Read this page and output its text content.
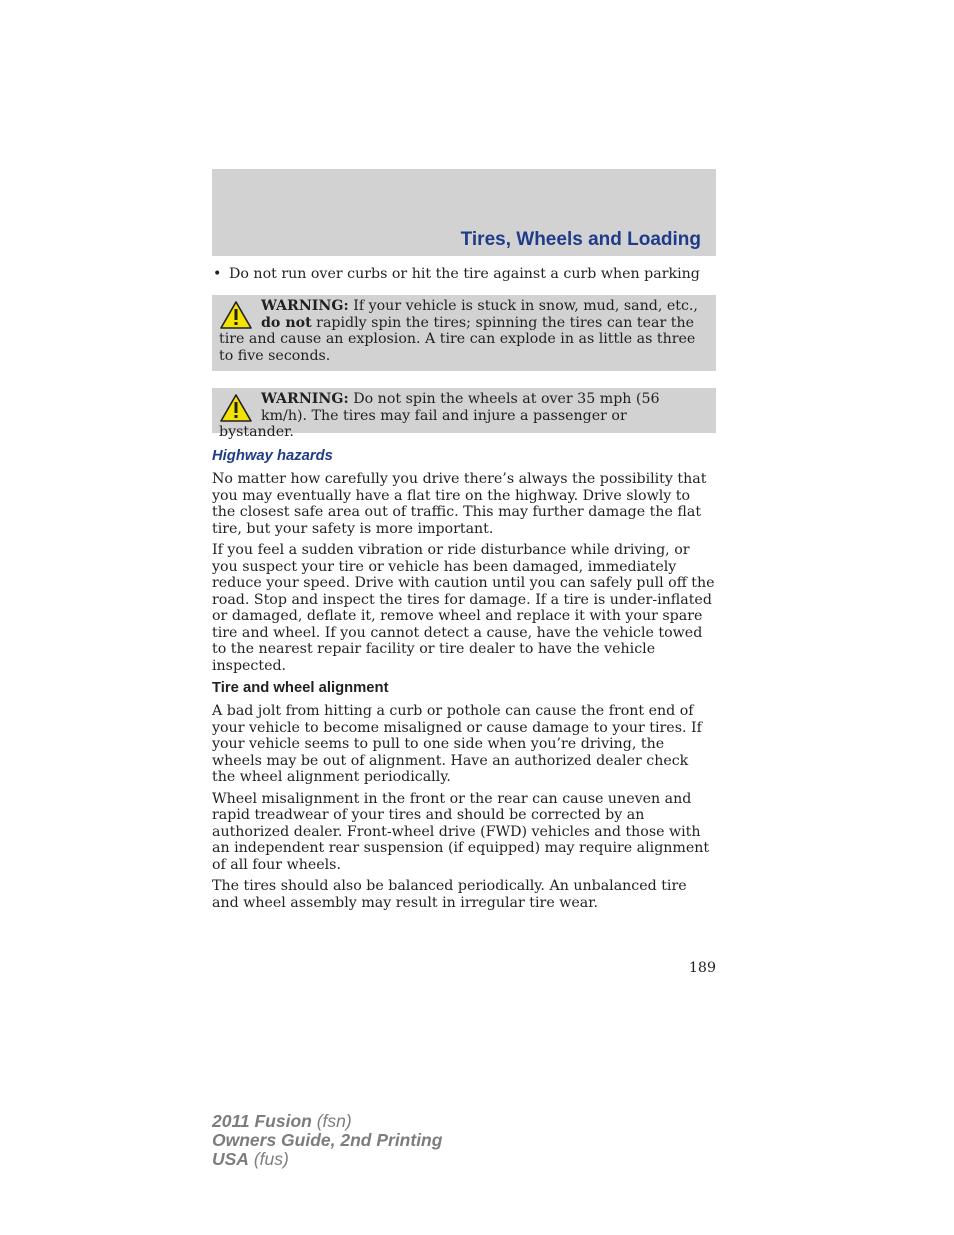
Tires, Wheels and Loading
• Do not run over curbs or hit the tire against a curb when parking
WARNING: If your vehicle is stuck in snow, mud, sand, etc., do not rapidly spin the tires; spinning the tires can tear the tire and cause an explosion. A tire can explode in as little as three to five seconds.
WARNING: Do not spin the wheels at over 35 mph (56 km/h). The tires may fail and injure a passenger or bystander.
Highway hazards

No matter how carefully you drive there’s always the possibility that you may eventually have a flat tire on the highway. Drive slowly to the closest safe area out of traffic. This may further damage the flat tire, but your safety is more important.

If you feel a sudden vibration or ride disturbance while driving, or you suspect your tire or vehicle has been damaged, immediately reduce your speed. Drive with caution until you can safely pull off the road. Stop and inspect the tires for damage. If a tire is under-inflated or damaged, deflate it, remove wheel and replace it with your spare tire and wheel. If you cannot detect a cause, have the vehicle towed to the nearest repair facility or tire dealer to have the vehicle inspected.

Tire and wheel alignment

A bad jolt from hitting a curb or pothole can cause the front end of your vehicle to become misaligned or cause damage to your tires. If your vehicle seems to pull to one side when you’re driving, the wheels may be out of alignment. Have an authorized dealer check the wheel alignment periodically.

Wheel misalignment in the front or the rear can cause uneven and rapid treadwear of your tires and should be corrected by an authorized dealer. Front-wheel drive (FWD) vehicles and those with an independent rear suspension (if equipped) may require alignment of all four wheels.

The tires should also be balanced periodically. An unbalanced tire and wheel assembly may result in irregular tire wear.

189
2011 Fusion (fsn)
Owners Guide, 2nd Printing
USA (fus)
